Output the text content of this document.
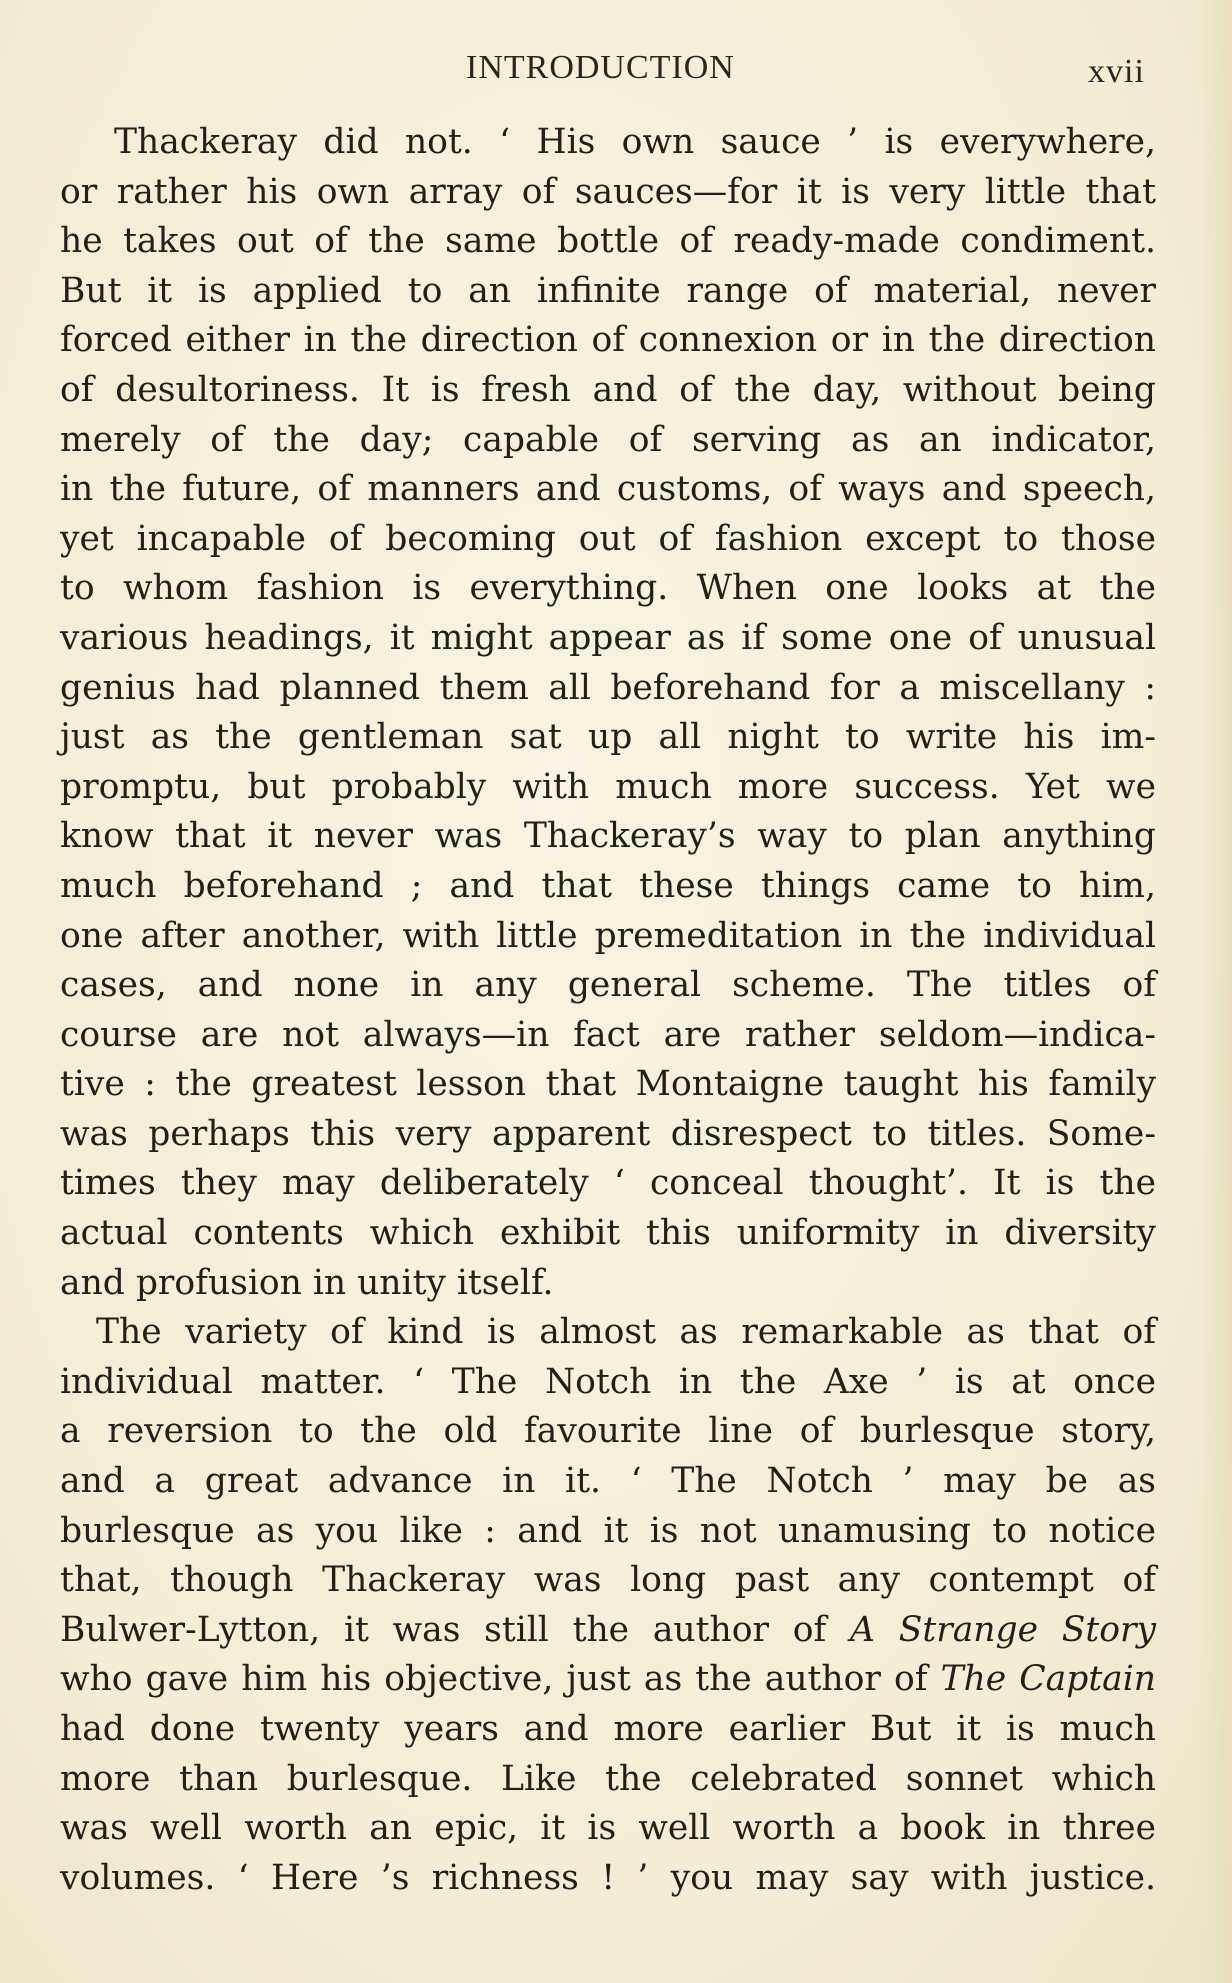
INTRODUCTION	xvii
Thackeray did not. ‘ His own sauce ’ is everywhere,
or rather his own array of sauces—for it is very little that
he takes out of the same bottle of ready-made condiment.
But it is applied to an infinite range of material, never
forced either in the direction of connexion or in the direction
of desultoriness. It is fresh and of the day, without being
merely of the day; capable of serving as an indicator,
in the future, of manners and customs, of ways and speech,
yet incapable of becoming out of fashion except to those
to whom fashion is everything. When one looks at the
various headings, it might appear as if some one of unusual
genius had planned them all beforehand for a miscellany :
just as the gentleman sat up all night to write his im-
promptu, but probably with much more success. Yet we
know that it never was Thackeray’s way to plan anything
much beforehand ; and that these things came to him,
one after another, with little premeditation in the individual
cases, and none in any general scheme. The titles of
course are not always—in fact are rather seldom—indica-
tive : the greatest lesson that Montaigne taught his family
was perhaps this very apparent disrespect to titles. Some-
times they may deliberately ‘ conceal thought’. It is the
actual contents which exhibit this uniformity in diversity
and profusion in unity itself.
The variety of kind is almost as remarkable as that of
individual matter. ‘ The Notch in the Axe ’ is at once
a reversion to the old favourite line of burlesque story,
and a great advance in it. ‘ The Notch ’ may be as
burlesque as you like : and it is not unamusing to notice
that, though Thackeray was long past any contempt of
Bulwer-Lytton, it was still the author of A Strange Story
who gave him his objective, just as the author of The Captain
had done twenty years and more earlier But it is much
more than burlesque. Like the celebrated sonnet which
was well worth an epic, it is well worth a book in three
volumes. ‘ Here ’s richness ! ’ you may say with justice.
